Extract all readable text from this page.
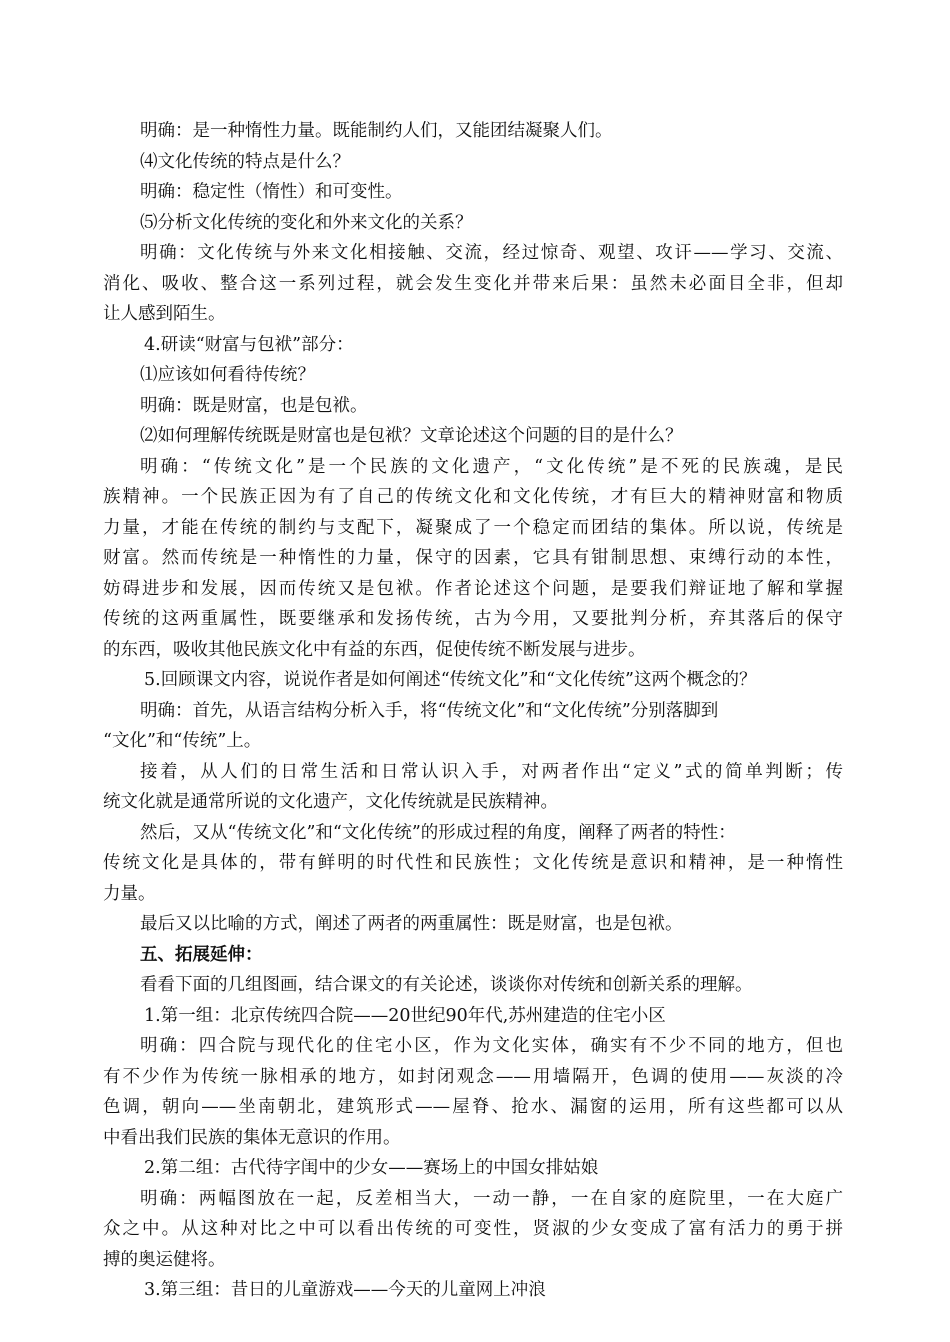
明确：是一种惰性力量。既能制约人们，又能团结凝聚人们。
⑷文化传统的特点是什么？
明确：稳定性（惰性）和可变性。
⑸分析文化传统的变化和外来文化的关系？
明确：文化传统与外来文化相接触、交流，经过惊奇、观望、攻讦——学习、交流、
消化、吸收、整合这一系列过程，就会发生变化并带来后果：虽然未必面目全非，但却
让人感到陌生。
4.研读“财富与包袱”部分：
⑴应该如何看待传统？
明确：既是财富，也是包袱。
⑵如何理解传统既是财富也是包袱？文章论述这个问题的目的是什么？
明确：“传统文化”是一个民族的文化遗产，“文化传统”是不死的民族魂，是民
族精神。一个民族正因为有了自己的传统文化和文化传统，才有巨大的精神财富和物质
力量，才能在传统的制约与支配下，凝聚成了一个稳定而团结的集体。所以说，传统是
财富。然而传统是一种惰性的力量，保守的因素，它具有钳制思想、束缚行动的本性，
妨碍进步和发展，因而传统又是包袱。作者论述这个问题，是要我们辩证地了解和掌握
传统的这两重属性，既要继承和发扬传统，古为今用，又要批判分析，弃其落后的保守
的东西，吸收其他民族文化中有益的东西，促使传统不断发展与进步。
5.回顾课文内容，说说作者是如何阐述“传统文化”和“文化传统”这两个概念的？
明确：首先，从语言结构分析入手，将“传统文化”和“文化传统”分别落脚到
“文化”和“传统”上。
接着，从人们的日常生活和日常认识入手，对两者作出“定义”式的简单判断；传
统文化就是通常所说的文化遗产，文化传统就是民族精神。
然后，又从“传统文化”和“文化传统”的形成过程的角度，阐释了两者的特性：
传统文化是具体的，带有鲜明的时代性和民族性；文化传统是意识和精神，是一种惰性
力量。
最后又以比喻的方式，阐述了两者的两重属性：既是财富，也是包袱。
五、拓展延伸：
看看下面的几组图画，结合课文的有关论述，谈谈你对传统和创新关系的理解。
1.第一组：北京传统四合院——20世纪90年代,苏州建造的住宅小区
明确：四合院与现代化的住宅小区，作为文化实体，确实有不少不同的地方，但也
有不少作为传统一脉相承的地方，如封闭观念——用墙隔开，色调的使用——灰淡的冷
色调，朝向——坐南朝北，建筑形式——屋脊、抢水、漏窗的运用，所有这些都可以从
中看出我们民族的集体无意识的作用。
2.第二组：古代待字闺中的少女——赛场上的中国女排姑娘
明确：两幅图放在一起，反差相当大，一动一静，一在自家的庭院里，一在大庭广
众之中。从这种对比之中可以看出传统的可变性，贤淑的少女变成了富有活力的勇于拼
搏的奥运健将。
3.第三组：昔日的儿童游戏——今天的儿童网上冲浪
